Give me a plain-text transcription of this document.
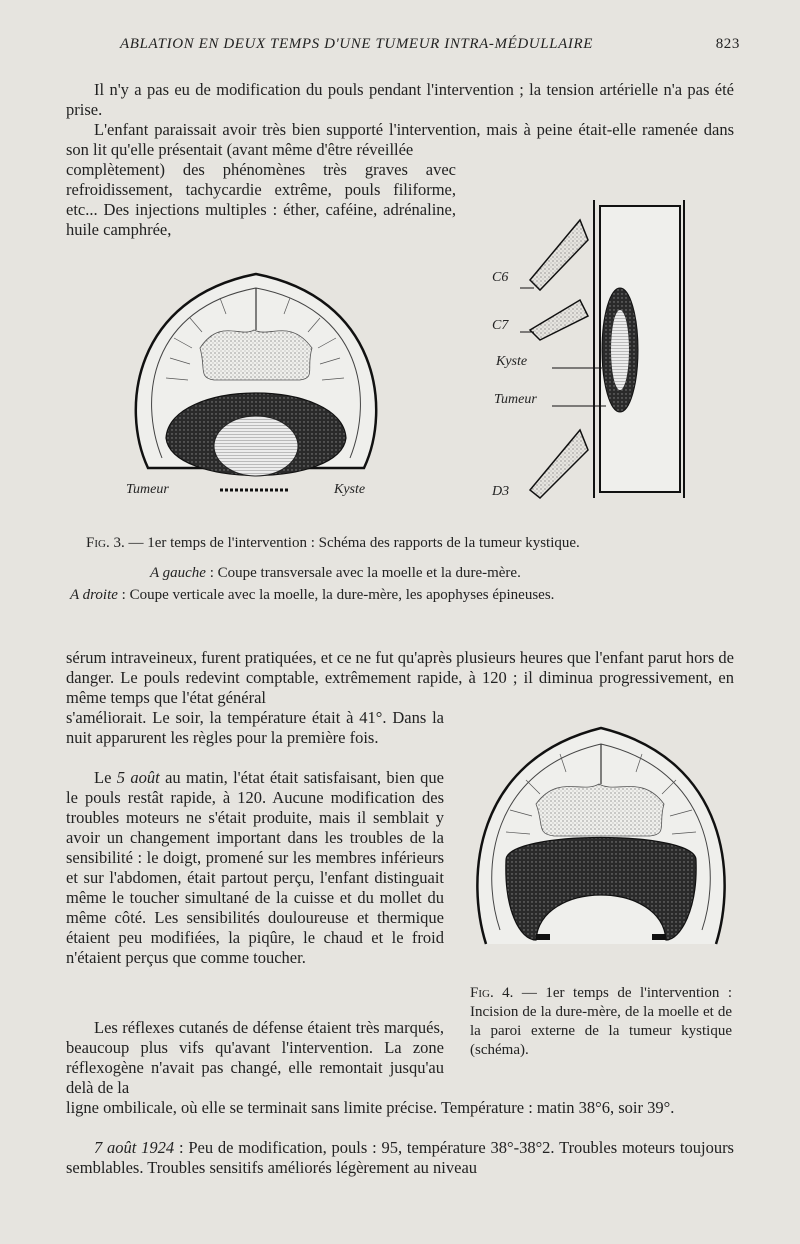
ABLATION EN DEUX TEMPS D'UNE TUMEUR INTRA-MÉDULLAIRE	823
Il n'y a pas eu de modification du pouls pendant l'intervention ; la tension artérielle n'a pas été prise.
L'enfant paraissait avoir très bien supporté l'intervention, mais à peine était-elle ramenée dans son lit qu'elle présentait (avant même d'être réveillée
complètement) des phénomènes très graves avec refroidissement, tachycardie extrême, pouls filiforme, etc... Des injections multiples : éther, caféine, adrénaline, huile camphrée,
Tumeur	Kyste
C6
C7
Kyste
Tumeur
D3
Fig. 3. — 1er temps de l'intervention : Schéma des rapports de la tumeur kystique.
A gauche : Coupe transversale avec la moelle et la dure-mère.
A droite : Coupe verticale avec la moelle, la dure-mère, les apophyses épineuses.
sérum intraveineux, furent pratiquées, et ce ne fut qu'après plusieurs heures que l'enfant parut hors de danger. Le pouls redevint comptable, extrêmement rapide, à 120 ; il diminua progressivement, en même temps que l'état général
s'améliorait. Le soir, la température était à 41°. Dans la nuit apparurent les règles pour la première fois.
Le 5 août au matin, l'état était satisfaisant, bien que le pouls restât rapide, à 120. Aucune modification des troubles moteurs ne s'était produite, mais il semblait y avoir un changement important dans les troubles de la sensibilité : le doigt, promené sur les membres inférieurs et sur l'abdomen, était partout perçu, l'enfant distinguait même le toucher simultané de la cuisse et du mollet du même côté. Les sensibilités douloureuse et thermique étaient peu modifiées, la piqûre, le chaud et le froid n'étaient perçus que comme toucher.
Les réflexes cutanés de défense étaient très marqués, beaucoup plus vifs qu'avant l'intervention. La zone réflexogène n'avait pas changé, elle remontait jusqu'au delà de la
Fig. 4. — 1er temps de l'intervention : Incision de la dure-mère, de la moelle et de la paroi externe de la tumeur kystique (schéma).
ligne ombilicale, où elle se terminait sans limite précise. Température : matin 38°6, soir 39°.
7 août 1924 : Peu de modification, pouls : 95, température 38°-38°2. Troubles moteurs toujours semblables. Troubles sensitifs améliorés légèrement au niveau
